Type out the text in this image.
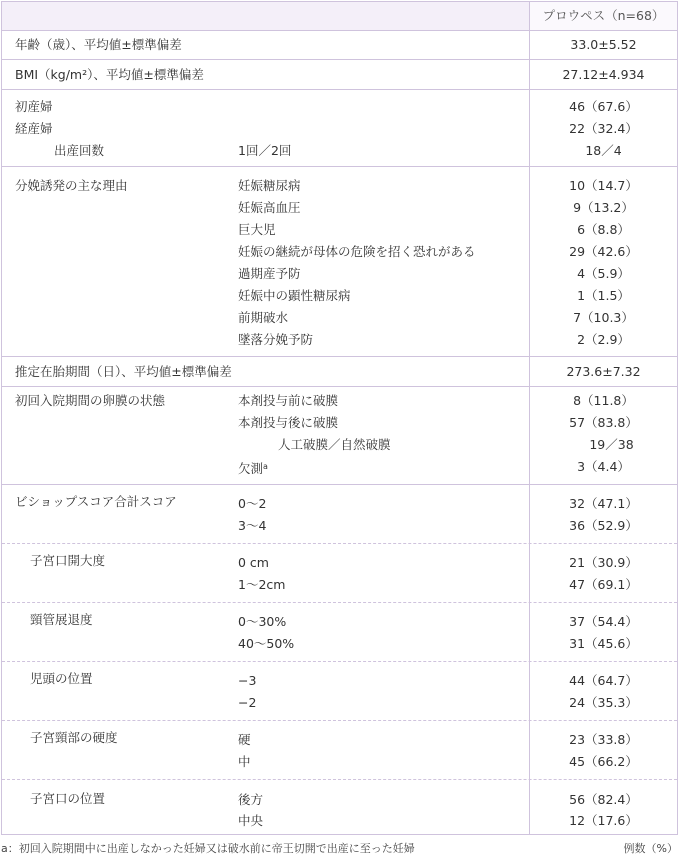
プロウペス（n=68）
年齢（歳）、平均値±標準偏差	33.0±5.52
BMI（kg/m²）、平均値±標準偏差	27.12±4.934
初産婦	46（67.6）
経産婦	22（32.4）
出産回数	1回／2回	18／4
分娩誘発の主な理由	妊娠糖尿病	10（14.7）
妊娠高血圧	9（13.2）
巨大児	6（8.8）
妊娠の継続が母体の危険を招く恐れがある	29（42.6）
過期産予防	4（5.9）
妊娠中の顕性糖尿病	1（1.5）
前期破水	7（10.3）
墜落分娩予防	2（2.9）
推定在胎期間（日）、平均値±標準偏差	273.6±7.32
初回入院期間の卵膜の状態	本剤投与前に破膜	8（11.8）
本剤投与後に破膜	57（83.8）
人工破膜／自然破膜	19／38
欠測$^a$	3（4.4）
ビショップスコア合計スコア	0～2	32（47.1）
3～4	36（52.9）
子宮口開大度	0 cm	21（30.9）
1～2cm	47（69.1）
頸管展退度	0～30%	37（54.4）
40～50%	31（45.6）
児頭の位置	−3	44（64.7）
−2	24（35.3）
子宮頸部の硬度	硬	23（33.8）
中	45（66.2）
子宮口の位置	後方	56（82.4）
中央	12（17.6）
a：初回入院期間中に出産しなかった妊婦又は破水前に帝王切開で出産に至った妊婦	例数（%）
